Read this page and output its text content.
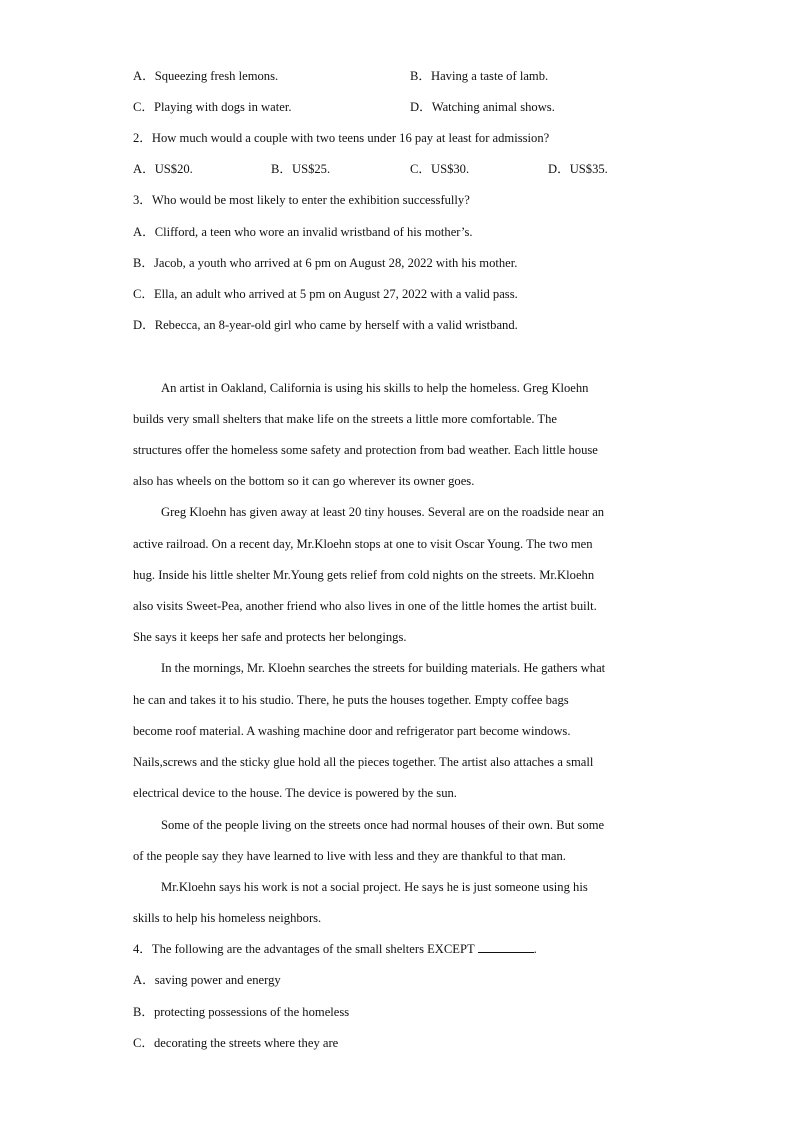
A．Squeezing fresh lemons.	B．Having a taste of lamb.
C．Playing with dogs in water.	D．Watching animal shows.
2．How much would a couple with two teens under 16 pay at least for admission?
A．US$20.	B．US$25.	C．US$30.	D．US$35.
3．Who would be most likely to enter the exhibition successfully?
A．Clifford, a teen who wore an invalid wristband of his mother’s.
B．Jacob, a youth who arrived at 6 pm on August 28, 2022 with his mother.
C．Ella, an adult who arrived at 5 pm on August 27, 2022 with a valid pass.
D．Rebecca, an 8-year-old girl who came by herself with a valid wristband.
An artist in Oakland, California is using his skills to help the homeless. Greg Kloehn
builds very small shelters that make life on the streets a little more comfortable. The
structures offer the homeless some safety and protection from bad weather. Each little house
also has wheels on the bottom so it can go wherever its owner goes.
Greg Kloehn has given away at least 20 tiny houses. Several are on the roadside near an
active railroad. On a recent day, Mr.Kloehn stops at one to visit Oscar Young. The two men
hug. Inside his little shelter Mr.Young gets relief from cold nights on the streets. Mr.Kloehn
also visits Sweet-Pea, another friend who also lives in one of the little homes the artist built.
She says it keeps her safe and protects her belongings.
In the mornings, Mr. Kloehn searches the streets for building materials. He gathers what
he can and takes it to his studio. There, he puts the houses together. Empty coffee bags
become roof material. A washing machine door and refrigerator part become windows.
Nails,screws and the sticky glue hold all the pieces together. The artist also attaches a small
electrical device to the house. The device is powered by the sun.
Some of the people living on the streets once had normal houses of their own. But some
of the people say they have learned to live with less and they are thankful to that man.
Mr.Kloehn says his work is not a social project. He says he is just someone using his
skills to help his homeless neighbors.
4．The following are the advantages of the small shelters EXCEPT	.
A．saving power and energy
B．protecting possessions of the homeless
C．decorating the streets where they are
